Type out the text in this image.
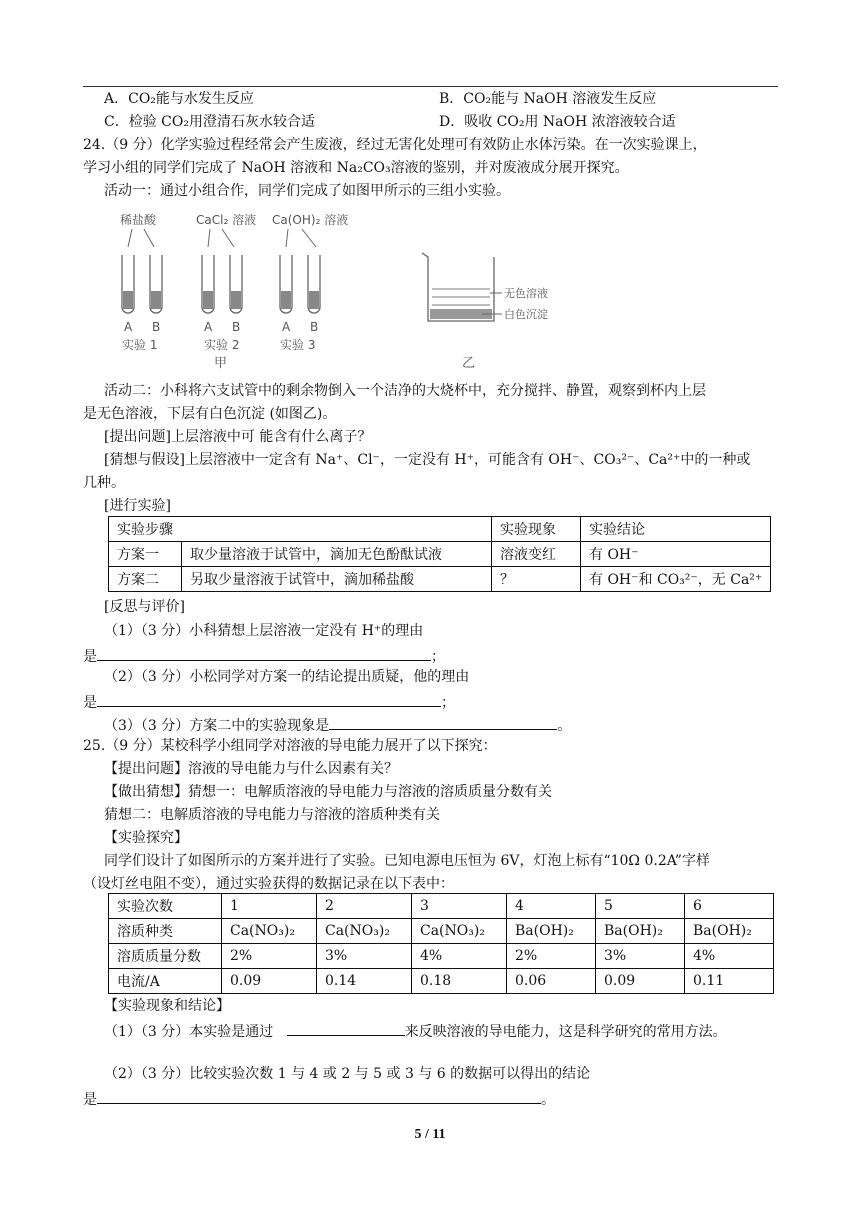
A．CO₂能与水发生反应	B．CO₂能与 NaOH 溶液发生反应
C．检验 CO₂用澄清石灰水较合适	D．吸收 CO₂用 NaOH 浓溶液较合适
24.（9 分）化学实验过程经常会产生废液，经过无害化处理可有效防止水体污染。在一次实验课上，
学习小组的同学们完成了 NaOH 溶液和 Na₂CO₃溶液的鉴别，并对废液成分展开探究。
活动一：通过小组合作，同学们完成了如图甲所示的三组小实验。
稀盐酸	CaCl₂ 溶液 Ca(OH)₂ 溶液
A B	A B	A B
实验 1	实验 2	实验 3
甲
无色溶液
白色沉淀
乙
活动二：小科将六支试管中的剩余物倒入一个洁净的大烧杯中，充分搅拌、静置，观察到杯内上层
是无色溶液，下层有白色沉淀 (如图乙)。
[提出问题]上层溶液中可 能含有什么离子？
[猜想与假设]上层溶液中一定含有 Na⁺、Cl⁻，一定没有 H⁺，可能含有 OH⁻、CO₃²⁻、Ca²⁺中的一种或
几种。
[进行实验]
实验步骤		实验现象	实验结论
方案一	取少量溶液于试管中，滴加无色酚酞试液	溶液变红	有 OH⁻
方案二	另取少量溶液于试管中，滴加稀盐酸	？	有 OH⁻和 CO₃²⁻，无 Ca²⁺
[反思与评价]
（1）（3 分）小科猜想上层溶液一定没有 H⁺的理由
是	；
（2）（3 分）小松同学对方案一的结论提出质疑，他的理由
是	；
（3）（3 分）方案二中的实验现象是	。
25.（9 分）某校科学小组同学对溶液的导电能力展开了以下探究：
【提出问题】溶液的导电能力与什么因素有关？
【做出猜想】猜想一：电解质溶液的导电能力与溶液的溶质质量分数有关
猜想二：电解质溶液的导电能力与溶液的溶质种类有关
【实验探究】
同学们设计了如图所示的方案并进行了实验。已知电源电压恒为 6V，灯泡上标有“10Ω 0.2A”字样
（设灯丝电阻不变），通过实验获得的数据记录在以下表中：
实验次数	1	2	3	4	5	6
溶质种类	Ca(NO₃)₂	Ca(NO₃)₂	Ca(NO₃)₂	Ba(OH)₂	Ba(OH)₂	Ba(OH)₂
溶质质量分数	2%	3%	4%	2%	3%	4%
电流/A	0.09	0.14	0.18	0.06	0.09	0.11
【实验现象和结论】
（1）（3 分）本实验是通过	来反映溶液的导电能力，这是科学研究的常用方法。
（2）（3 分）比较实验次数 1 与 4 或 2 与 5 或 3 与 6 的数据可以得出的结论
是	。
5 / 11
